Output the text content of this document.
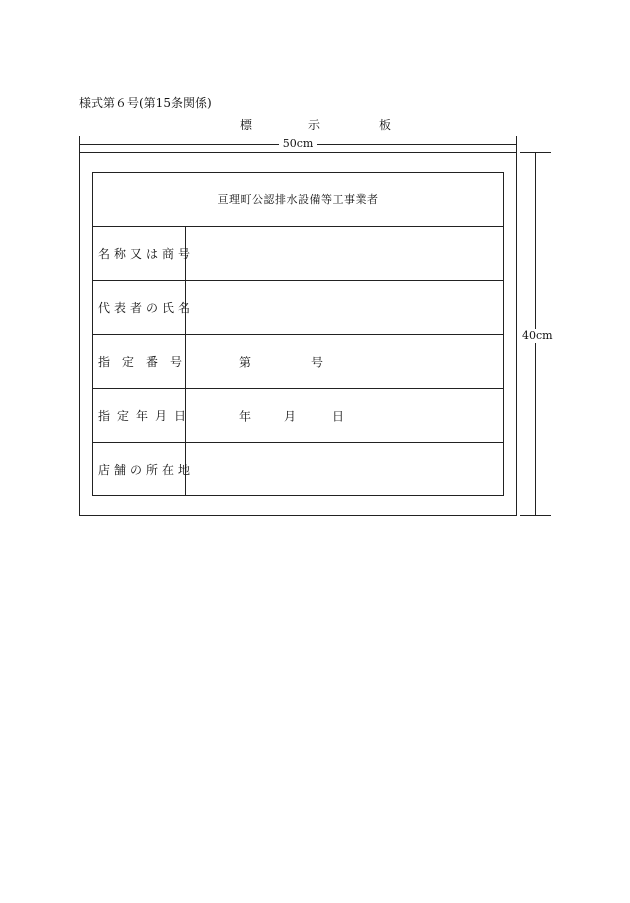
様式第６号(第15条関係)
標	示	板
50cm
40cm
亘理町公認排水設備等工事業者
名称又は商号
代表者の氏名
指定番号	第	号
指定年月日	年	月	日
店舗の所在地
